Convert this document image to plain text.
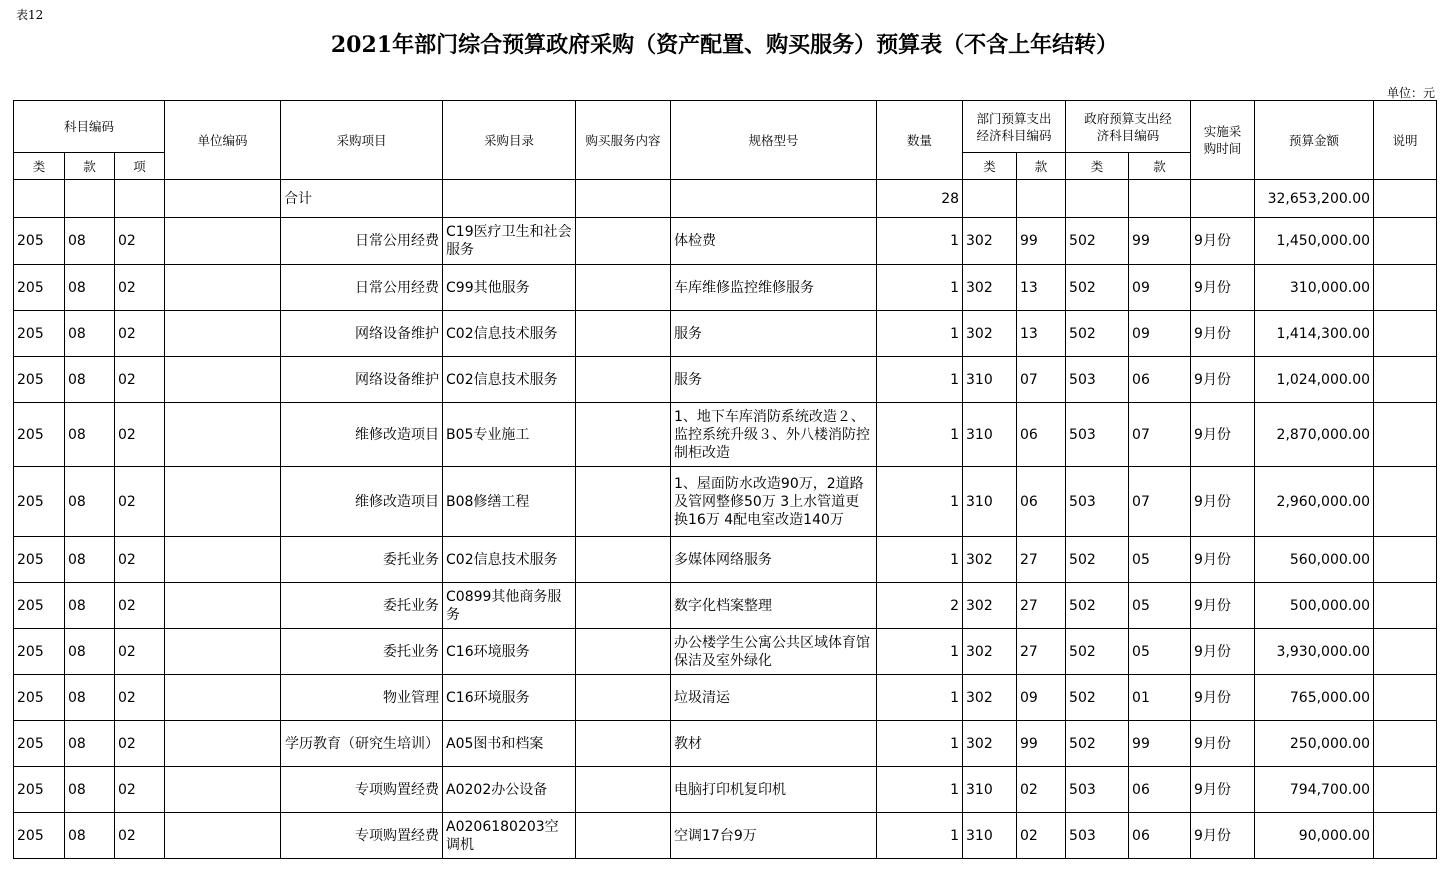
表12
2021年部门综合预算政府采购（资产配置、购买服务）预算表（不含上年结转）
单位：元
科目编码			单位编码	采购项目	采购目录	购买服务内容	规格型号	数量	部门预算支出经济科目编码		政府预算支出经济科目编码		实施采购时间	预算金额	说明
类	款	项							类	款	类	款			
				合计				28						32,653,200.00	
205	08	02		日常公用经费	C19医疗卫生和社会服务		体检费	1	302	99	502	99	9月份	1,450,000.00	
205	08	02		日常公用经费	C99其他服务		车库维修监控维修服务	1	302	13	502	09	9月份	310,000.00	
205	08	02		网络设备维护	C02信息技术服务		服务	1	302	13	502	09	9月份	1,414,300.00	
205	08	02		网络设备维护	C02信息技术服务		服务	1	310	07	503	06	9月份	1,024,000.00	
205	08	02		维修改造项目	B05专业施工		1、地下车库消防系统改造２、监控系统升级３、外八楼消防控制柜改造	1	310	06	503	07	9月份	2,870,000.00	
205	08	02		维修改造项目	B08修缮工程		1、屋面防水改造90万，2道路及管网整修50万 3上水管道更换16万 4配电室改造140万	1	310	06	503	07	9月份	2,960,000.00	
205	08	02		委托业务	C02信息技术服务		多媒体网络服务	1	302	27	502	05	9月份	560,000.00	
205	08	02		委托业务	C0899其他商务服务		数字化档案整理	2	302	27	502	05	9月份	500,000.00	
205	08	02		委托业务	C16环境服务		办公楼学生公寓公共区域体育馆保洁及室外绿化	1	302	27	502	05	9月份	3,930,000.00	
205	08	02		物业管理	C16环境服务		垃圾清运	1	302	09	502	01	9月份	765,000.00	
205	08	02		学历教育（研究生培训）	A05图书和档案		教材	1	302	99	502	99	9月份	250,000.00	
205	08	02		专项购置经费	A0202办公设备		电脑打印机复印机	1	310	02	503	06	9月份	794,700.00	
205	08	02		专项购置经费	A0206180203空调机		空调17台9万	1	310	02	503	06	9月份	90,000.00	
